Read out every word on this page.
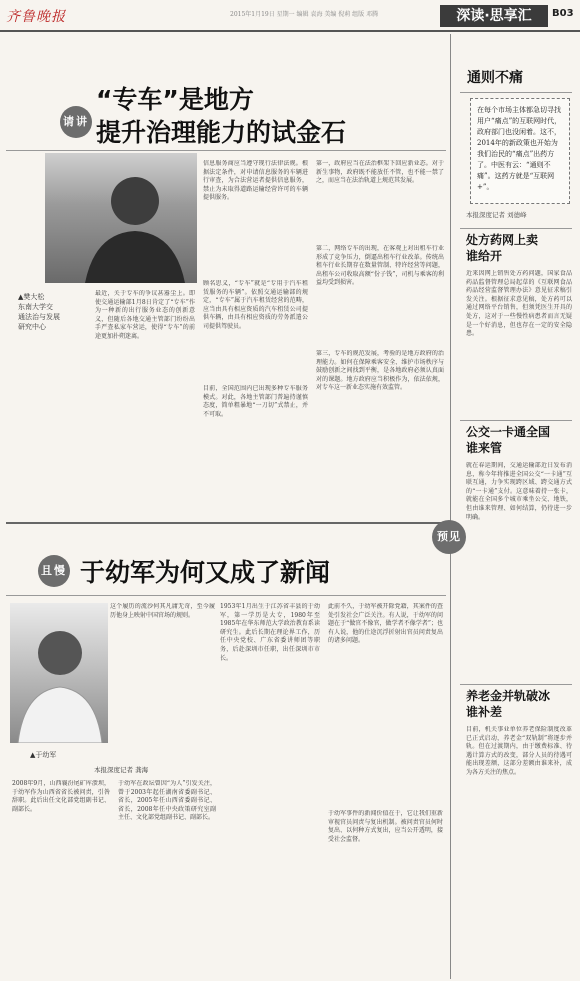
齐鲁晚报	2015年1月19日 星期一 编辑 袁海 美编 倪莉 组版 邓腾	深读·思享汇	B03
请讲
“专车”是地方
提升治理能力的试金石
▲樊大松
东南大学交
通法治与发展
研究中心
最近，关于专车的争议甚嚣尘上。即使交通运输部1月8日肯定了“专车”作为一种新的出行服务业态的创新意义，但随后各地交通主管部门纷纷出手严查私家车营运，使得“专车”的前途更加扑朔迷离。
信息服务商应当遵守现行法律法规。根据法定条件，对申请信息服务的车辆进行审查，为合法营运者提供信息服务，禁止为未取得道路运输经营许可的车辆提供服务。
顾名思义，“专车”就是“专用于汽车租赁服务的车辆”。依照交通运输部的规定，“专车”属于汽车租赁经营的范畴，应当由具有相应资质的汽车租赁公司提供车辆，由具有相应资质的劳务派遣公司提供驾驶员。
目前，全国范围内已出现多种专车服务模式。对此，各地主管部门普遍持谨慎态度，简单粗暴地“一刀切”式禁止，并不可取。
第一，政府应当在法治框架下回应新业态。对于新生事物，政府既不能放任不管，也不能一禁了之，而应当在法治轨道上规范其发展。
第二，网络专车的出现，在客观上对出租车行业形成了竞争压力，倒逼出租车行业改革。传统出租车行业长期存在数量管制、特许经营等问题，出租车公司收取高额“份子钱”，司机与乘客的利益均受到损害。
第三，专车的规范发展，考验的是地方政府的治理能力。如何在保障乘客安全、维护市场秩序与鼓励创新之间找到平衡，是各地政府必须认真面对的课题。地方政府应当积极作为，依法依规，对专车这一新业态实施有效监管。
且慢 于幼军为何又成了新闻
▲于幼军
本报深度记者 龚海
这个履历的流沙何其凡庸无奇，至今履历他身上映射中国官场的规则。
2008年9月，山西襄汾尾矿库溃坝，于幼军作为山西省省长被问责，引咎辞职。此后出任文化部党组副书记、副部长。
1953年1月出生于江苏省丰县的于幼军，第一学历是大专，1980年至1985年在华东师范大学政治教育系读研究生。此后长期在理论界工作，历任中央党校、广东省委讲师团等职务，后赴深圳市任职，出任深圳市市长。
于幼军在政坛曾因“为人”引发关注，曾于2003年起任湖南省委副书记、省长，2005年任山西省委副书记、省长，2008年任中央政策研究室副主任、文化部党组副书记、副部长。
此前不久，于幼军被开除党籍，其案件的查处引发社会广泛关注。有人说，于幼军的问题在于“做官不像官，做学者不像学者”；也有人说，他的仕途沉浮折射出官员问责复出的诸多问题。
于幼军事件的新闻价值在于，它让我们重新审视官员问责与复出机制。被问责官员何时复出、以何种方式复出，应当公开透明，接受社会监督。
预见
通则不痛
在每个市场主体都急切寻找用户“痛点”的互联网时代，政府部门也没闲着。这不，2014年的新政策也开始为我们治民的“痛点”出药方了。中医有云：“通则不痛”。这药方就是“互联网+”。
本报深度记者 刘德峰
处方药网上卖
谁给开
近来因网上销售处方药问题，国家食品药品监督管理总局起草的《互联网食品药品经营监督管理办法》意见征求稿引发关注。根据征求意见稿，处方药可以通过网络平台销售，但须凭医生开具的处方，这对于一些慢性病患者而言无疑是一个好消息，但也存在一定的安全隐患。
公交一卡通全国
谁来管
就在春运期间，交通运输部近日发布消息，称今年将推进全国公交“一卡通”互联互通，力争实现跨区域、跨交通方式的“一卡通”支付。这意味着持一张卡，就能在全国多个城市乘坐公交、地铁，但由谁来管理、如何结算，仍待进一步明确。
养老金并轨破冰
谁补差
目前，机关事业单位养老保险制度改革已正式启动，养老金“双轨制”将逐步并轨。但在过渡期内，由于缴费标准、待遇计算方式的改变，部分人员的待遇可能出现差额，这部分差额由谁来补，成为各方关注的焦点。
